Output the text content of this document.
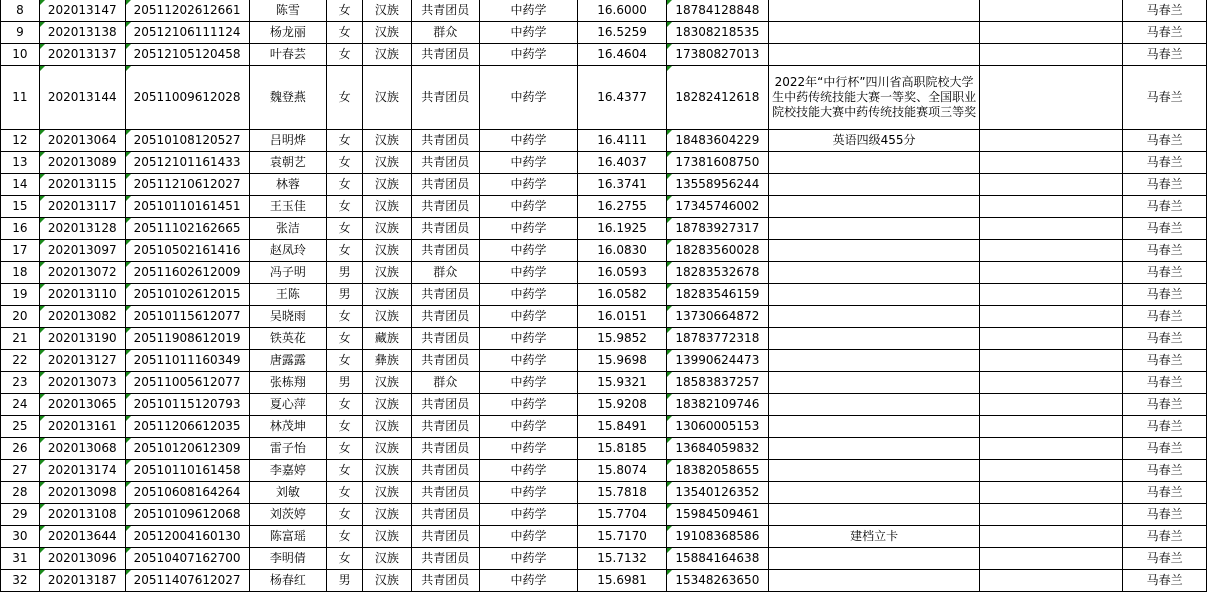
8	202013147	20511202612661	陈雪	女	汉族	共青团员	中药学	16.6000	18784128848			马春兰
9	202013138	20512106111124	杨龙丽	女	汉族	群众	中药学	16.5259	18308218535			马春兰
10	202013137	20512105120458	叶春芸	女	汉族	共青团员	中药学	16.4604	17380827013			马春兰
11	202013144	20511009612028	魏登燕	女	汉族	共青团员	中药学	16.4377	18282412618	2022年“中行杯”四川省高职院校大学生中药传统技能大赛一等奖、全国职业院校技能大赛中药传统技能赛项三等奖		马春兰
12	202013064	20510108120527	吕明烨	女	汉族	共青团员	中药学	16.4111	18483604229	英语四级455分		马春兰
13	202013089	20512101161433	袁朝艺	女	汉族	共青团员	中药学	16.4037	17381608750			马春兰
14	202013115	20511210612027	林蓉	女	汉族	共青团员	中药学	16.3741	13558956244			马春兰
15	202013117	20510110161451	王玉佳	女	汉族	共青团员	中药学	16.2755	17345746002			马春兰
16	202013128	20511102162665	张洁	女	汉族	共青团员	中药学	16.1925	18783927317			马春兰
17	202013097	20510502161416	赵凤玲	女	汉族	共青团员	中药学	16.0830	18283560028			马春兰
18	202013072	20511602612009	冯子明	男	汉族	群众	中药学	16.0593	18283532678			马春兰
19	202013110	20510102612015	王陈	男	汉族	共青团员	中药学	16.0582	18283546159			马春兰
20	202013082	20510115612077	吴晓雨	女	汉族	共青团员	中药学	16.0151	13730664872			马春兰
21	202013190	20511908612019	铁英花	女	藏族	共青团员	中药学	15.9852	18783772318			马春兰
22	202013127	20511011160349	唐露露	女	彝族	共青团员	中药学	15.9698	13990624473			马春兰
23	202013073	20511005612077	张栋翔	男	汉族	群众	中药学	15.9321	18583837257			马春兰
24	202013065	20510115120793	夏心萍	女	汉族	共青团员	中药学	15.9208	18382109746			马春兰
25	202013161	20511206612035	林茂坤	女	汉族	共青团员	中药学	15.8491	13060005153			马春兰
26	202013068	20510120612309	雷子怡	女	汉族	共青团员	中药学	15.8185	13684059832			马春兰
27	202013174	20510110161458	李嘉婷	女	汉族	共青团员	中药学	15.8074	18382058655			马春兰
28	202013098	20510608164264	刘敏	女	汉族	共青团员	中药学	15.7818	13540126352			马春兰
29	202013108	20510109612068	刘茨婷	女	汉族	共青团员	中药学	15.7704	15984509461			马春兰
30	202013644	20512004160130	陈富瑶	女	汉族	共青团员	中药学	15.7170	19108368586	建档立卡		马春兰
31	202013096	20510407162700	李明倩	女	汉族	共青团员	中药学	15.7132	15884164638			马春兰
32	202013187	20511407612027	杨春红	男	汉族	共青团员	中药学	15.6981	15348263650			马春兰
